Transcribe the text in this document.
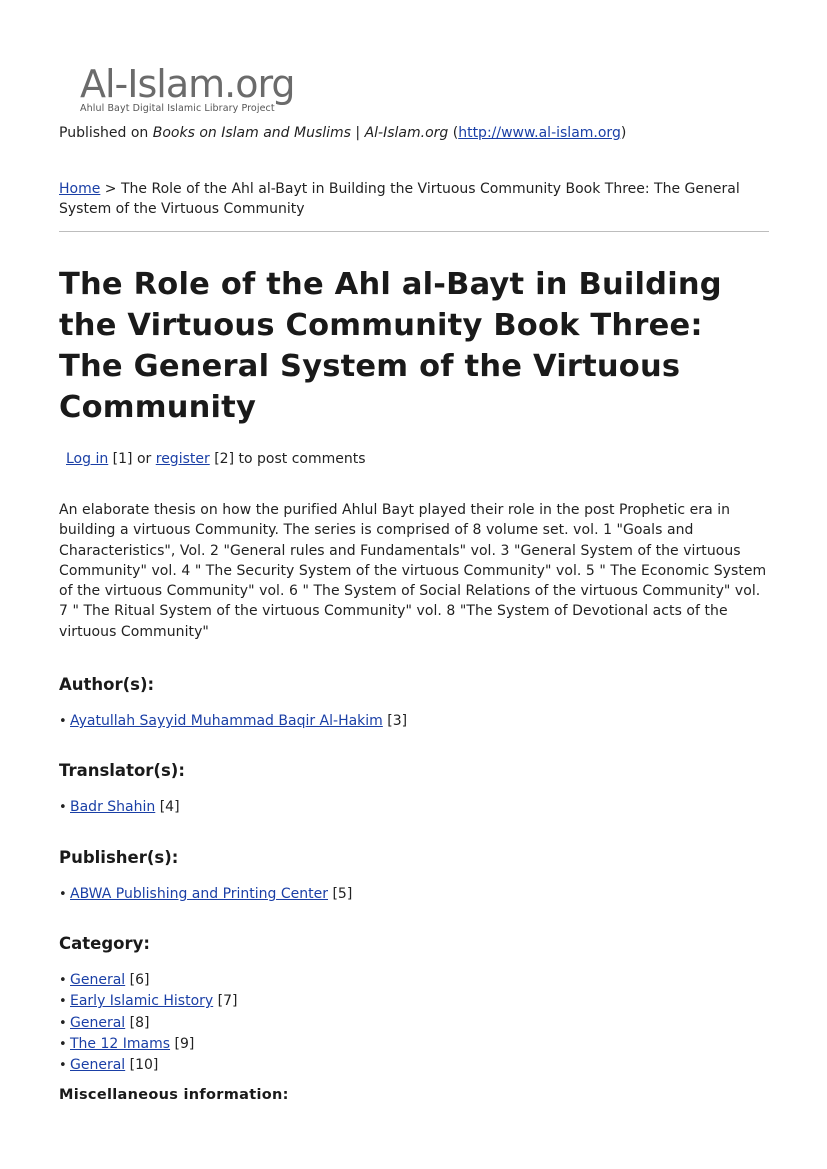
Al-Islam.org
Ahlul Bayt Digital Islamic Library Project
Published on Books on Islam and Muslims | Al-Islam.org (http://www.al-islam.org)
Home > The Role of the Ahl al-Bayt in Building the Virtuous Community Book Three: The General System of the Virtuous Community
The Role of the Ahl al-Bayt in Building the Virtuous Community Book Three: The General System of the Virtuous Community
Log in [1] or register [2] to post comments

An elaborate thesis on how the purified Ahlul Bayt played their role in the post Prophetic era in building a virtuous Community. The series is comprised of 8 volume set. vol. 1 "Goals and Characteristics", Vol. 2 "General rules and Fundamentals" vol. 3 "General System of the virtuous Community" vol. 4 " The Security System of the virtuous Community" vol. 5 " The Economic System of the virtuous Community" vol. 6 " The System of Social Relations of the virtuous Community" vol. 7 " The Ritual System of the virtuous Community" vol. 8 "The System of Devotional acts of the virtuous Community"

Author(s):
• Ayatullah Sayyid Muhammad Baqir Al-Hakim [3]
Translator(s):
• Badr Shahin [4]
Publisher(s):
• ABWA Publishing and Printing Center [5]
Category:
• General [6]
• Early Islamic History [7]
• General [8]
• The 12 Imams [9]
• General [10]
Miscellaneous information:
